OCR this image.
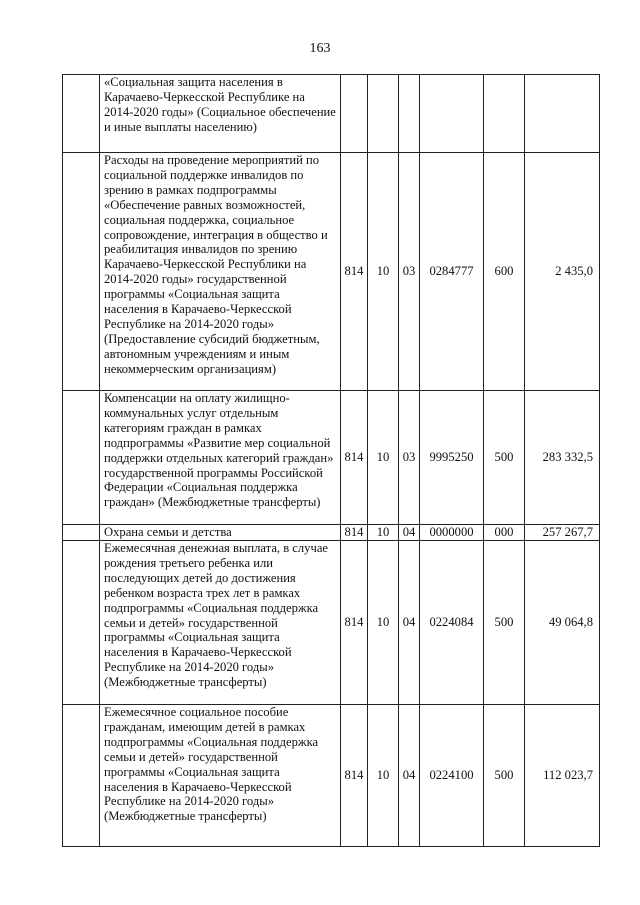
163

	«Социальная защита населения в Карачаево-Черкесской Республике на 2014-2020 годы» (Социальное обеспечение и иные выплаты населению)						

	Расходы на проведение мероприятий по социальной поддержке инвалидов по зрению в рамках подпрограммы «Обеспечение равных возможностей, социальная поддержка, социальное сопровождение, интеграция в общество и реабилитация инвалидов по зрению Карачаево-Черкесской Республики на 2014-2020 годы» государственной программы «Социальная защита населения в Карачаево-Черкесской Республике на 2014-2020 годы» (Предоставление субсидий бюджетным, автономным учреждениям и иным некоммерческим организациям)	814	10	03	0284777	600	2 435,0

	Компенсации на оплату жилищно-коммунальных услуг отдельным категориям граждан в рамках подпрограммы «Развитие мер социальной поддержки отдельных категорий граждан» государственной программы Российской Федерации «Социальная поддержка граждан» (Межбюджетные трансферты)	814	10	03	9995250	500	283 332,5

	Охрана семьи и детства	814	10	04	0000000	000	257 267,7

	Ежемесячная денежная выплата, в случае рождения третьего ребенка или последующих детей до достижения ребенком возраста трех лет в рамках подпрограммы «Социальная поддержка семьи и детей» государственной программы «Социальная защита населения в Карачаево-Черкесской Республике на 2014-2020 годы» (Межбюджетные трансферты)	814	10	04	0224084	500	49 064,8

	Ежемесячное социальное пособие гражданам, имеющим детей в рамках подпрограммы «Социальная поддержка семьи и детей» государственной программы «Социальная защита населения в Карачаево-Черкесской Республике на 2014-2020 годы» (Межбюджетные трансферты)	814	10	04	0224100	500	112 023,7
